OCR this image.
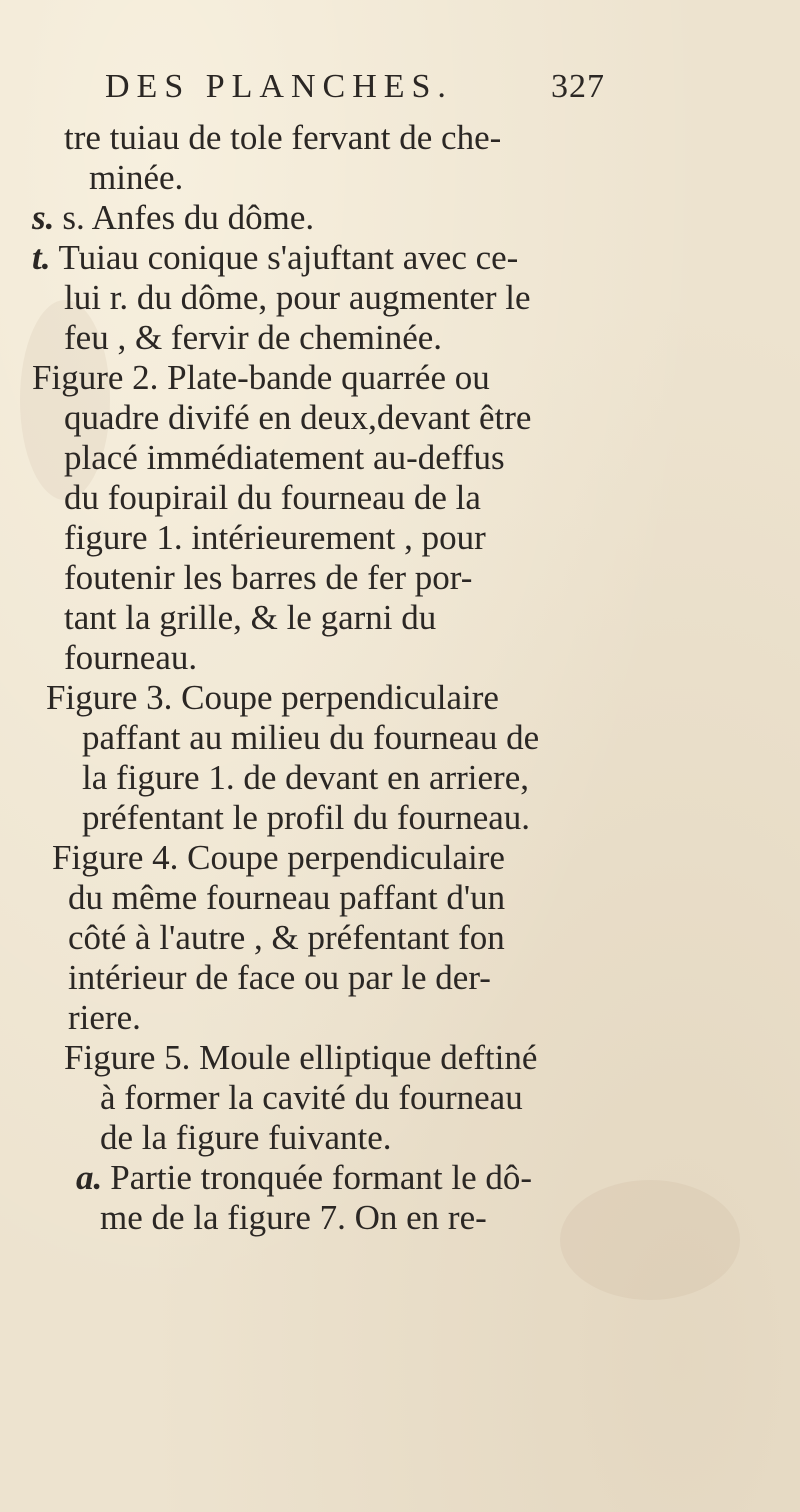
DES PLANCHES.	327
tre tuiau de tole fervant de che-
minée.
s. s. Anfes du dôme.
t. Tuiau conique s'ajuftant avec ce-
lui r. du dôme, pour augmenter le
feu , & fervir de cheminée.
Figure 2. Plate-bande quarrée ou
quadre divifé en deux,devant être
placé immédiatement au-deffus
du foupirail du fourneau de la
figure 1. intérieurement , pour
foutenir les barres de fer por-
tant la grille, & le garni du
fourneau.
Figure 3. Coupe perpendiculaire
paffant au milieu du fourneau de
la figure 1. de devant en arriere,
préfentant le profil du fourneau.
Figure 4. Coupe perpendiculaire
du même fourneau paffant d'un
côté à l'autre , & préfentant fon
intérieur de face ou par le der-
riere.
Figure 5. Moule elliptique deftiné
à former la cavité du fourneau
de la figure fuivante.
a. Partie tronquée formant le dô-
me de la figure 7. On en re-
